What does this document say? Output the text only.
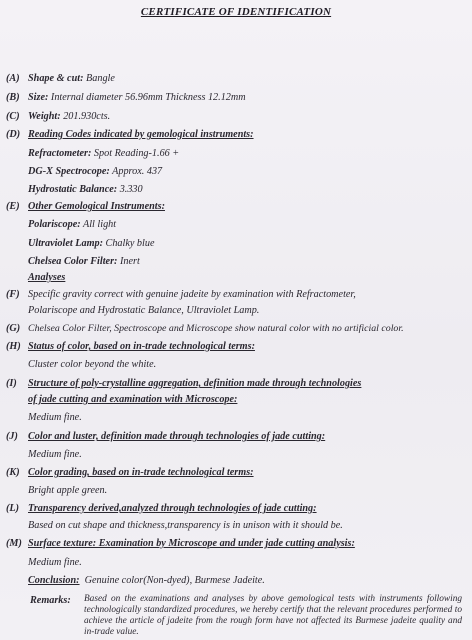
CERTIFICATE OF IDENTIFICATION
(A) Shape & cut: Bangle
(B) Size: Internal diameter 56.96mm Thickness 12.12mm
(C) Weight: 201.930cts.
(D) Reading Codes indicated by gemological instruments:
Refractometer: Spot Reading-1.66 +
DG-X Spectrocope: Approx. 437
Hydrostatic Balance: 3.330
(E) Other Gemological Instruments:
Polariscope: All light
Ultraviolet Lamp: Chalky blue
Chelsea Color Filter: Inert
Analyses
(F) Specific gravity correct with genuine jadeite by examination with Refractometer,
Polariscope and Hydrostatic Balance, Ultraviolet Lamp.
(G) Chelsea Color Filter, Spectroscope and Microscope show natural color with no artificial color.
(H) Status of color, based on in-trade technological terms:
Cluster color beyond the white.
(I) Structure of poly-crystalline aggregation, definition made through technologies
of jade cutting and examination with Microscope:
Medium fine.
(J) Color and luster, definition made through technologies of jade cutting:
Medium fine.
(K) Color grading, based on in-trade technological terms:
Bright apple green.
(L) Transparency derived,analyzed through technologies of jade cutting:
Based on cut shape and thickness,transparency is in unison with it should be.
(M) Surface texture: Examination by Microscope and under jade cutting analysis:
Medium fine.
Conclusion: Genuine color(Non-dyed), Burmese Jadeite.
Remarks: Based on the examinations and analyses by above gemological tests with instruments following technologically standardized procedures, we hereby certify that the relevant procedures performed to achieve the article of jadeite from the rough form have not affected its Burmese jadeite quality and in-trade value.
